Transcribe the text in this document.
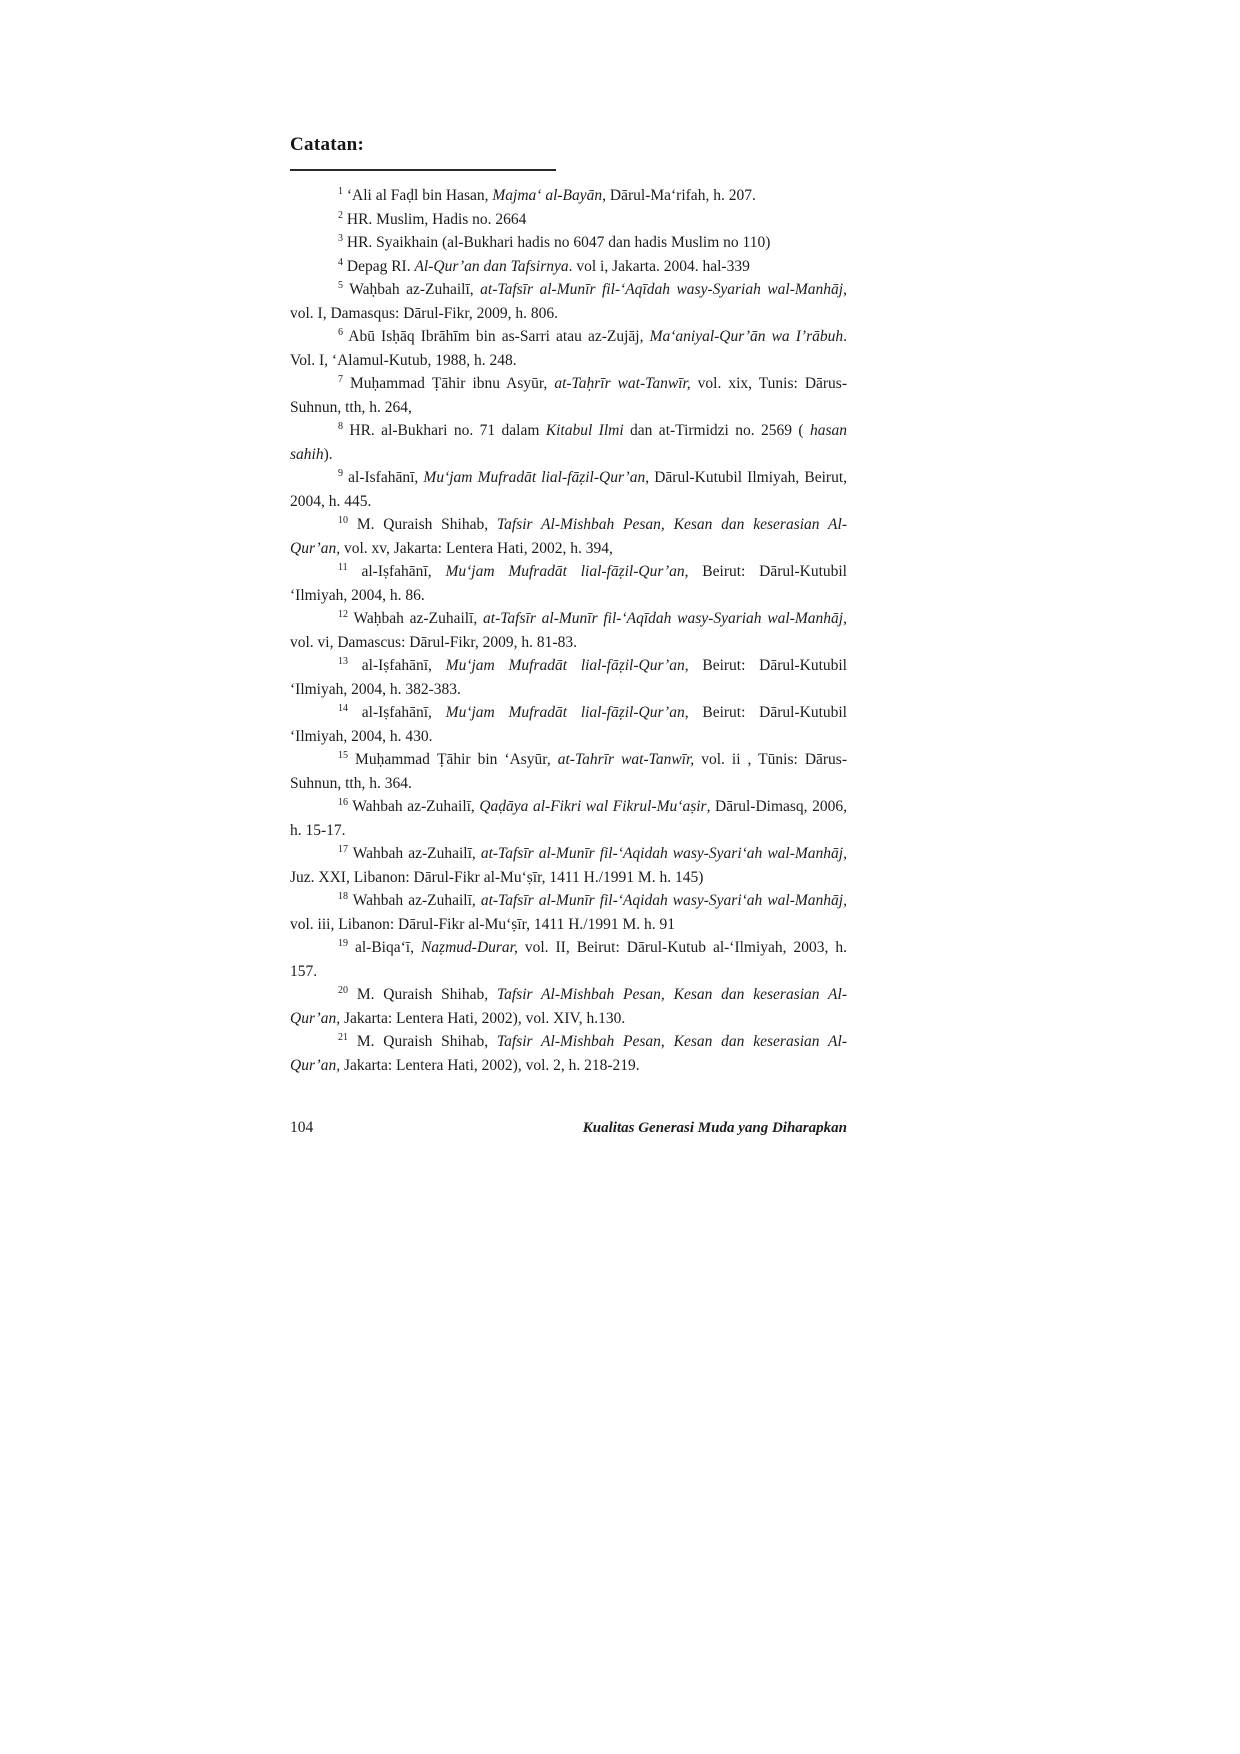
Catatan:

$^1$ ‘Ali al Faḍl bin Hasan, Majma‘ al-Bayān, Dārul-Ma‘rifah, h. 207.

$^2$ HR. Muslim, Hadis no. 2664

$^3$ HR. Syaikhain (al-Bukhari hadis no 6047 dan hadis Muslim no 110)

$^4$ Depag RI. Al-Qur’an dan Tafsirnya. vol i, Jakarta. 2004. hal-339

$^5$ Waḥbah az-Zuhailī, at-Tafsīr al-Munīr fil-‘Aqīdah wasy-Syariah wal-Manhāj, vol. I, Damasqus: Dārul-Fikr, 2009, h. 806.

$^6$ Abū Isḥāq Ibrāhīm bin as-Sarri atau az-Zujāj, Ma‘aniyal-Qur’ān wa I’rābuh. Vol. I, ‘Alamul-Kutub, 1988, h. 248.

$^7$ Muḥammad Ṭāhir ibnu Asyūr, at-Taḥrīr wat-Tanwīr, vol. xix, Tunis: Dārus-Suhnun, tth, h. 264,

$^8$ HR. al-Bukhari no. 71 dalam Kitabul Ilmi dan at-Tirmidzi no. 2569 ( hasan sahih).

$^9$ al-Isfahānī, Mu‘jam Mufradāt lial-fāẓil-Qur’an, Dārul-Kutubil Ilmiyah, Beirut, 2004, h. 445.

$^{10}$ M. Quraish Shihab, Tafsir Al-Mishbah Pesan, Kesan dan keserasian Al-Qur’an, vol. xv, Jakarta: Lentera Hati, 2002, h. 394,

$^{11}$ al-Iṣfahānī, Mu‘jam Mufradāt lial-fāẓil-Qur’an, Beirut: Dārul-Kutubil ‘Ilmiyah, 2004, h. 86.

$^{12}$ Waḥbah az-Zuhailī, at-Tafsīr al-Munīr fil-‘Aqīdah wasy-Syariah wal-Manhāj, vol. vi, Damascus: Dārul-Fikr, 2009, h. 81-83.

$^{13}$ al-Iṣfahānī, Mu‘jam Mufradāt lial-fāẓil-Qur’an, Beirut: Dārul-Kutubil ‘Ilmiyah, 2004, h. 382-383.

$^{14}$ al-Iṣfahānī, Mu‘jam Mufradāt lial-fāẓil-Qur’an, Beirut: Dārul-Kutubil ‘Ilmiyah, 2004, h. 430.

$^{15}$ Muḥammad Ṭāhir bin ‘Asyūr, at-Tahrīr wat-Tanwīr, vol. ii , Tūnis: Dārus-Suhnun, tth, h. 364.

$^{16}$ Wahbah az-Zuhailī, Qaḍāya al-Fikri wal Fikrul-Mu‘aṣir, Dārul-Dimasq, 2006, h. 15-17.

$^{17}$ Wahbah az-Zuhailī, at-Tafsīr al-Munīr fil-‘Aqidah wasy-Syari‘ah wal-Manhāj, Juz. XXI, Libanon: Dārul-Fikr al-Mu‘ṣīr, 1411 H./1991 M. h. 145)

$^{18}$ Wahbah az-Zuhailī, at-Tafsīr al-Munīr fil-‘Aqidah wasy-Syari‘ah wal-Manhāj, vol. iii, Libanon: Dārul-Fikr al-Mu‘ṣīr, 1411 H./1991 M. h. 91

$^{19}$ al-Biqa‘ī, Naẓmud-Durar, vol. II, Beirut: Dārul-Kutub al-‘Ilmiyah, 2003, h. 157.

$^{20}$ M. Quraish Shihab, Tafsir Al-Mishbah Pesan, Kesan dan keserasian Al-Qur’an, Jakarta: Lentera Hati, 2002), vol. XIV, h.130.

$^{21}$ M. Quraish Shihab, Tafsir Al-Mishbah Pesan, Kesan dan keserasian Al-Qur’an, Jakarta: Lentera Hati, 2002), vol. 2, h. 218-219.

104	Kualitas Generasi Muda yang Diharapkan
